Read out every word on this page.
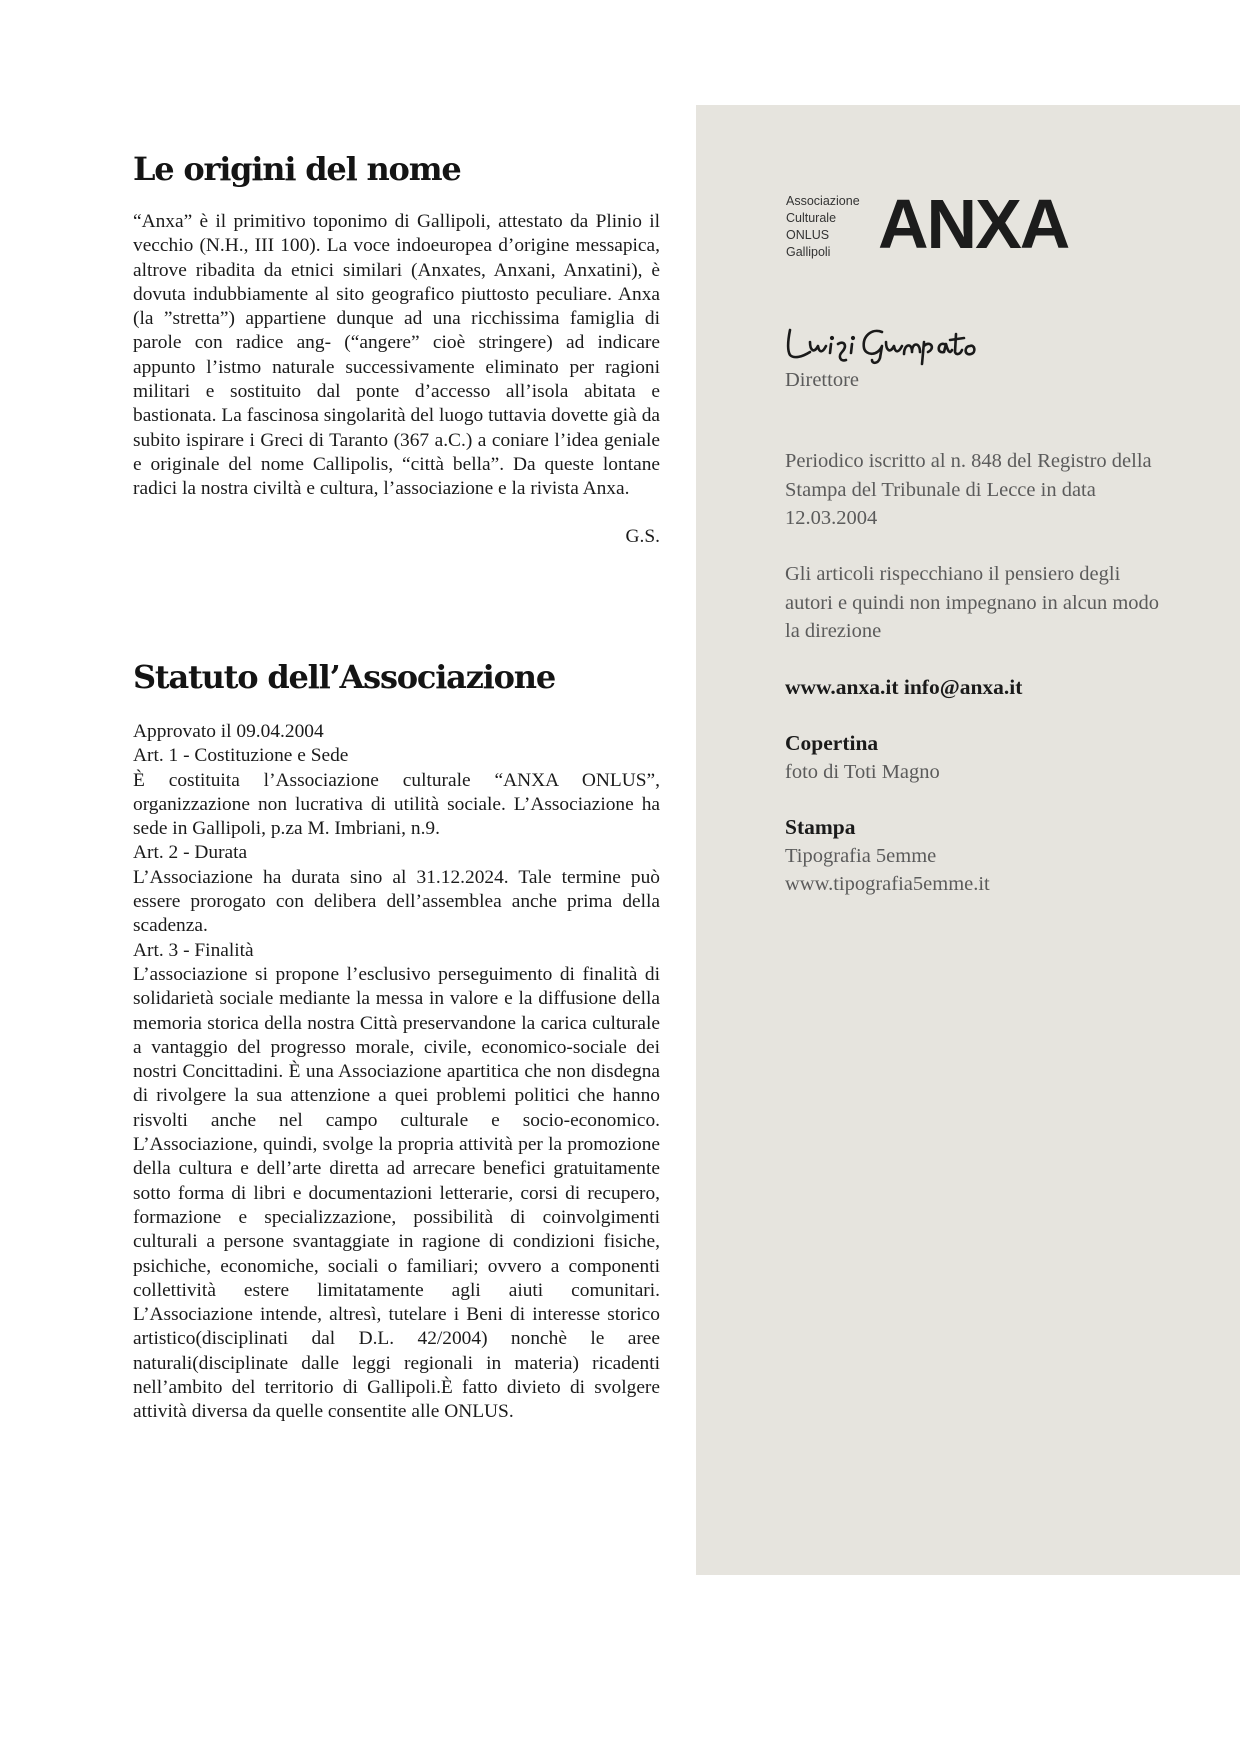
Le origini del nome

“Anxa” è il primitivo toponimo di Gallipoli, attestato da Plinio il vecchio (N.H., III 100). La voce indoeuropea d’origine messapica, altrove ribadita da etnici similari (Anxates, Anxani, Anxatini), è dovuta indubbiamente al sito geografico piuttosto peculiare. Anxa (la ”stretta”) appartiene dunque ad una ricchissima famiglia di parole con radice ang- (“angere” cioè stringere) ad indicare appunto l’istmo naturale successivamente eliminato per ragioni militari e sostituito dal ponte d’accesso all’isola abitata e bastionata. La fascinosa singolarità del luogo tuttavia dovette già da subito ispirare i Greci di Taranto (367 a.C.) a coniare l’idea geniale e originale del nome Callipolis, “città bella”. Da queste lontane radici la nostra civiltà e cultura, l’associazione e la rivista Anxa.

G.S.
Statuto dell’Associazione

Approvato il 09.04.2004

Art. 1 - Costituzione e Sede

È costituita l’Associazione culturale “ANXA ONLUS”, organizzazione non lucrativa di utilità sociale. L’Associazione ha sede in Gallipoli, p.za M. Imbriani, n.9.

Art. 2 - Durata

L’Associazione ha durata sino al 31.12.2024. Tale termine può essere prorogato con delibera dell’assemblea anche prima della scadenza.

Art. 3 - Finalità

L’associazione si propone l’esclusivo perseguimento di finalità di solidarietà sociale mediante la messa in valore e la diffusione della memoria storica della nostra Città preservandone la carica culturale a vantaggio del progresso morale, civile, economico-sociale dei nostri Concittadini. È una Associazione apartitica che non disdegna di rivolgere la sua attenzione a quei problemi politici che hanno risvolti anche nel campo culturale e socio-economico. L’Associazione, quindi, svolge la propria attività per la promozione della cultura e dell’arte diretta ad arrecare benefici gratuitamente sotto forma di libri e documentazioni letterarie, corsi di recupero, formazione e specializzazione, possibilità di coinvolgimenti culturali a persone svantaggiate in ragione di condizioni fisiche, psichiche, economiche, sociali o familiari; ovvero a componenti collettività estere limitatamente agli aiuti comunitari. L’Associazione intende, altresì, tutelare i Beni di interesse storico artistico(disciplinati dal D.L. 42/2004) nonchè le aree naturali(disciplinate dalle leggi regionali in materia) ricadenti nell’ambito del territorio di Gallipoli.È fatto divieto di svolgere attività diversa da quelle consentite alle ONLUS.

Associazione
Culturale
ONLUS
Gallipoli ANXA
Direttore
Periodico iscritto al n. 848 del Registro della Stampa del Tribunale di Lecce in data 12.03.2004
Gli articoli rispecchiano il pensiero degli autori e quindi non impegnano in alcun modo la direzione
www.anxa.it info@anxa.it
Copertina
foto di Toti Magno
Stampa
Tipografia 5emme
www.tipografia5emme.it
